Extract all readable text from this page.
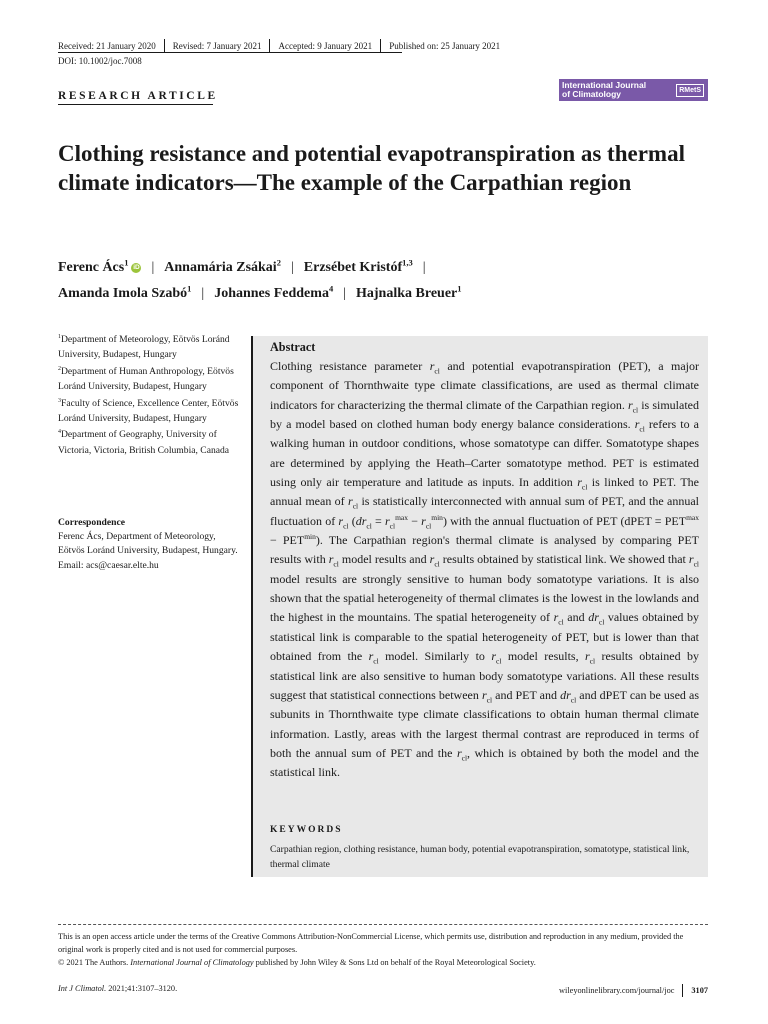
Received: 21 January 2020 Revised: 7 January 2021 Accepted: 9 January 2021 Published on: 25 January 2021
DOI: 10.1002/joc.7008
RESEARCH ARTICLE
International Journal
of Climatology	RMetS
Clothing resistance and potential evapotranspiration as thermal climate indicators—The example of the Carpathian region
Ferenc Ács$^1$iD | Annamária Zsákai$^2$ | Erzsébet Kristóf$^{1,3}$ |
Amanda Imola Szabó$^1$ | Johannes Feddema$^4$ | Hajnalka Breuer$^1$
$^1$Department of Meteorology, Eötvös Loránd University, Budapest, Hungary
$^2$Department of Human Anthropology, Eötvös Loránd University, Budapest, Hungary
$^3$Faculty of Science, Excellence Center, Eötvös Loránd University, Budapest, Hungary
$^4$Department of Geography, University of Victoria, Victoria, British Columbia, Canada
Correspondence
Ferenc Ács, Department of Meteorology, Eötvös Loránd University, Budapest, Hungary.
Email: acs@caesar.elte.hu
Abstract

Clothing resistance parameter $r_{cl}$ and potential evapotranspiration (PET), a major component of Thornthwaite type climate classifications, are used as thermal climate indicators for characterizing the thermal climate of the Carpathian region. $r_{cl}$ is simulated by a model based on clothed human body energy balance considerations. $r_{cl}$ refers to a walking human in outdoor conditions, whose somatotype can differ. Somatotype shapes are determined by applying the Heath–Carter somatotype method. PET is estimated using only air temperature and latitude as inputs. In addition $r_{cl}$ is linked to PET. The annual mean of $r_{cl}$ is statistically interconnected with annual sum of PET, and the annual fluctuation of $r_{cl}$ $(dr_{cl} = r_{cl}^{max} - r_{cl}^{min})$ with the annual fluctuation of PET (dPET = $PET^{max} - PET^{min}$). The Carpathian region's thermal climate is analysed by comparing PET results with $r_{cl}$ model results and $r_{cl}$ results obtained by statistical link. We showed that $r_{cl}$ model results are strongly sensitive to human body somatotype variations. It is also shown that the spatial heterogeneity of thermal climates is the lowest in the lowlands and the highest in the mountains. The spatial heterogeneity of $r_{cl}$ and $dr_{cl}$ values obtained by statistical link is comparable to the spatial heterogeneity of PET, but is lower than that obtained from the $r_{cl}$ model. Similarly to $r_{cl}$ model results, $r_{cl}$ results obtained by statistical link are also sensitive to human body somatotype variations. All these results suggest that statistical connections between $r_{cl}$ and PET and $dr_{cl}$ and dPET can be used as subunits in Thornthwaite type climate classifications to obtain human thermal climate information. Lastly, areas with the largest thermal contrast are reproduced in terms of both the annual sum of PET and the $r_{cl}$, which is obtained by both the model and the statistical link.

KEYWORDS
Carpathian region, clothing resistance, human body, potential evapotranspiration, somatotype, statistical link, thermal climate
This is an open access article under the terms of the Creative Commons Attribution-NonCommercial License, which permits use, distribution and reproduction in any medium, provided the original work is properly cited and is not used for commercial purposes.
© 2021 The Authors. International Journal of Climatology published by John Wiley & Sons Ltd on behalf of the Royal Meteorological Society.
Int J Climatol. 2021;41:3107–3120.	wileyonlinelibrary.com/journal/joc 3107
